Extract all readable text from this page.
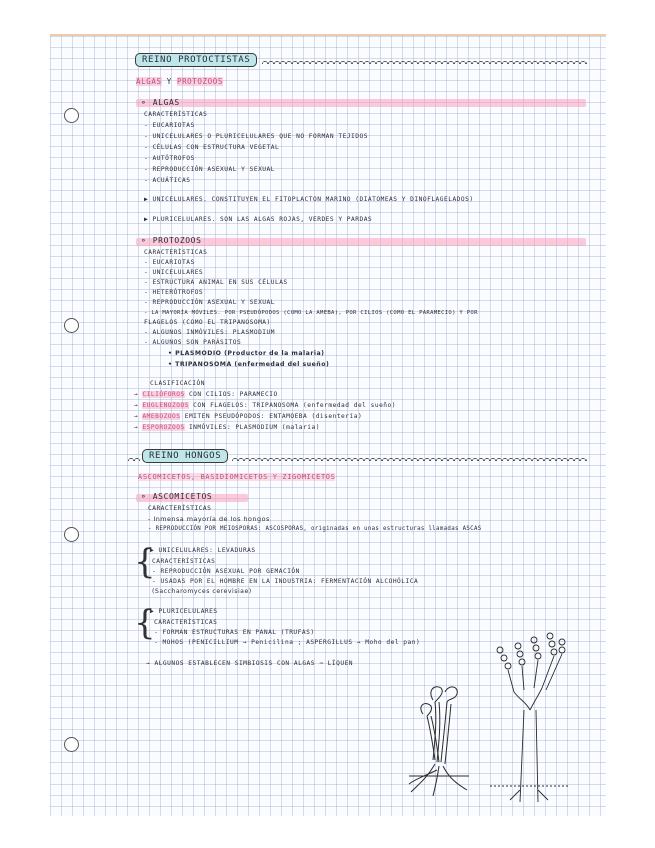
REINO PROTOCTISTAS
ALGAS Y PROTOZOOS
⚬ ALGAS
CARACTERÍSTICAS
- EUCARIOTAS
- UNICELULARES O PLURICELULARES QUE NO FORMAN TEJIDOS
- CÉLULAS CON ESTRUCTURA VEGETAL
- AUTÓTROFOS
- REPRODUCCIÓN ASEXUAL Y SEXUAL
- ACUÁTICAS
▶ UNICELULARES. CONSTITUYEN EL FITOPLACTON MARINO (DIATOMEAS Y DINOFLAGELADOS)
▶ PLURICELULARES. SON LAS ALGAS ROJAS, VERDES Y PARDAS
⚬ PROTOZOOS
CARACTERÍSTICAS
- EUCARIOTAS
- UNICELULARES
- ESTRUCTURA ANIMAL EN SUS CÉLULAS
- HETERÓTROFOS
- REPRODUCCIÓN ASEXUAL Y SEXUAL
- LA MAYORÍA MÓVILES. POR PSEUDÓPODOS (COMO LA AMEBA), POR CILIOS (COMO EL PARAMECIO) Y POR
FLAGELOS (COMO EL TRIPANOSOMA)
- ALGUNOS INMÓVILES: PLASMODIUM
- ALGUNOS SON PARÁSITOS
• PLASMODIO (Productor de la malaria)
• TRIPANOSOMA (enfermedad del sueño)
CLASIFICACIÓN
→ CILIÓFOROS CON CILIOS: PARAMECIO
→ EUGLENOZOOS CON FLAGELOS: TRIPANOSOMA (enfermedad del sueño)
→ AMEBOZOOS EMITEN PSEUDÓPODOS: ENTAMOEBA (disentería)
→ ESPOROZOOS INMÓVILES: PLASMODIUM (malaria)
REINO HONGOS
ASCOMICETOS, BASIDIOMICETOS Y ZIGOMICETOS
⚬ ASCOMICETOS
CARACTERÍSTICAS
- Inmensa mayoría de los hongos
- REPRODUCCIÓN POR MEIOSPORAS: ASCOSPORAS, originadas en unas estructuras llamadas ASCAS
{
▶ UNICELULARES: LEVADURAS
CARACTERÍSTICAS
- REPRODUCCIÓN ASEXUAL POR GEMACIÓN
- USADAS POR EL HOMBRE EN LA INDUSTRIA: FERMENTACIÓN ALCOHÓLICA
(Saccharomyces cerevisiae)
{
▶ PLURICELULARES
CARACTERÍSTICAS
- FORMAN ESTRUCTURAS EN PANAL (TRUFAS)
- MOHOS (PENICILLIUM → Penicilina ; ASPERGILLUS → Moho del pan)
→ ALGUNOS ESTABLECEN SIMBIOSIS CON ALGAS ⇒ LÍQUEN
